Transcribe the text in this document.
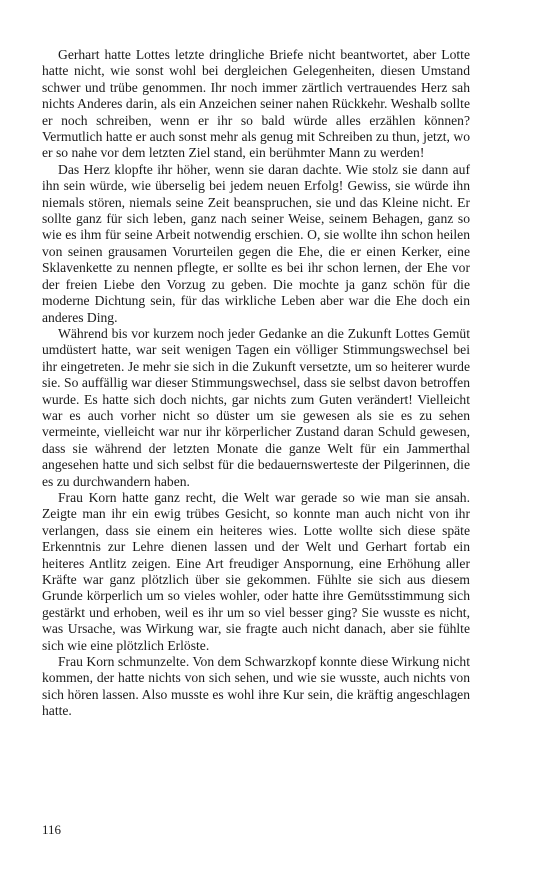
Gerhart hatte Lottes letzte dringliche Briefe nicht beantwortet, aber Lotte hatte nicht, wie sonst wohl bei dergleichen Gelegenheiten, diesen Umstand schwer und trübe genommen. Ihr noch immer zärtlich vertrauendes Herz sah nichts Anderes darin, als ein Anzeichen seiner nahen Rückkehr. Weshalb sollte er noch schreiben, wenn er ihr so bald würde alles erzählen können? Vermutlich hatte er auch sonst mehr als genug mit Schreiben zu thun, jetzt, wo er so nahe vor dem letzten Ziel stand, ein berühmter Mann zu werden!

Das Herz klopfte ihr höher, wenn sie daran dachte. Wie stolz sie dann auf ihn sein würde, wie überselig bei jedem neuen Erfolg! Gewiss, sie würde ihn niemals stören, niemals seine Zeit beanspruchen, sie und das Kleine nicht. Er sollte ganz für sich leben, ganz nach seiner Weise, seinem Behagen, ganz so wie es ihm für seine Arbeit notwendig erschien. O, sie wollte ihn schon heilen von seinen grausamen Vorurteilen gegen die Ehe, die er einen Kerker, eine Sklavenkette zu nennen pflegte, er sollte es bei ihr schon lernen, der Ehe vor der freien Liebe den Vorzug zu geben. Die mochte ja ganz schön für die moderne Dichtung sein, für das wirkliche Leben aber war die Ehe doch ein anderes Ding.

Während bis vor kurzem noch jeder Gedanke an die Zukunft Lottes Gemüt umdüstert hatte, war seit wenigen Tagen ein völliger Stimmungswechsel bei ihr eingetreten. Je mehr sie sich in die Zukunft versetzte, um so heiterer wurde sie. So auffällig war dieser Stimmungswechsel, dass sie selbst davon betroffen wurde. Es hatte sich doch nichts, gar nichts zum Guten verändert! Vielleicht war es auch vorher nicht so düster um sie gewesen als sie es zu sehen vermeinte, vielleicht war nur ihr körperlicher Zustand daran Schuld gewesen, dass sie während der letzten Monate die ganze Welt für ein Jammerthal angesehen hatte und sich selbst für die bedauernswerteste der Pilgerinnen, die es zu durchwandern haben.

Frau Korn hatte ganz recht, die Welt war gerade so wie man sie ansah. Zeigte man ihr ein ewig trübes Gesicht, so konnte man auch nicht von ihr verlangen, dass sie einem ein heiteres wies. Lotte wollte sich diese späte Erkenntnis zur Lehre dienen lassen und der Welt und Gerhart fortab ein heiteres Antlitz zeigen. Eine Art freudiger Anspornung, eine Erhöhung aller Kräfte war ganz plötzlich über sie gekommen. Fühlte sie sich aus diesem Grunde körperlich um so vieles wohler, oder hatte ihre Gemütsstimmung sich gestärkt und erhoben, weil es ihr um so viel besser ging? Sie wusste es nicht, was Ursache, was Wirkung war, sie fragte auch nicht danach, aber sie fühlte sich wie eine plötzlich Erlöste.

Frau Korn schmunzelte. Von dem Schwarzkopf konnte diese Wirkung nicht kommen, der hatte nichts von sich sehen, und wie sie wusste, auch nichts von sich hören lassen. Also musste es wohl ihre Kur sein, die kräftig angeschlagen hatte.

116
